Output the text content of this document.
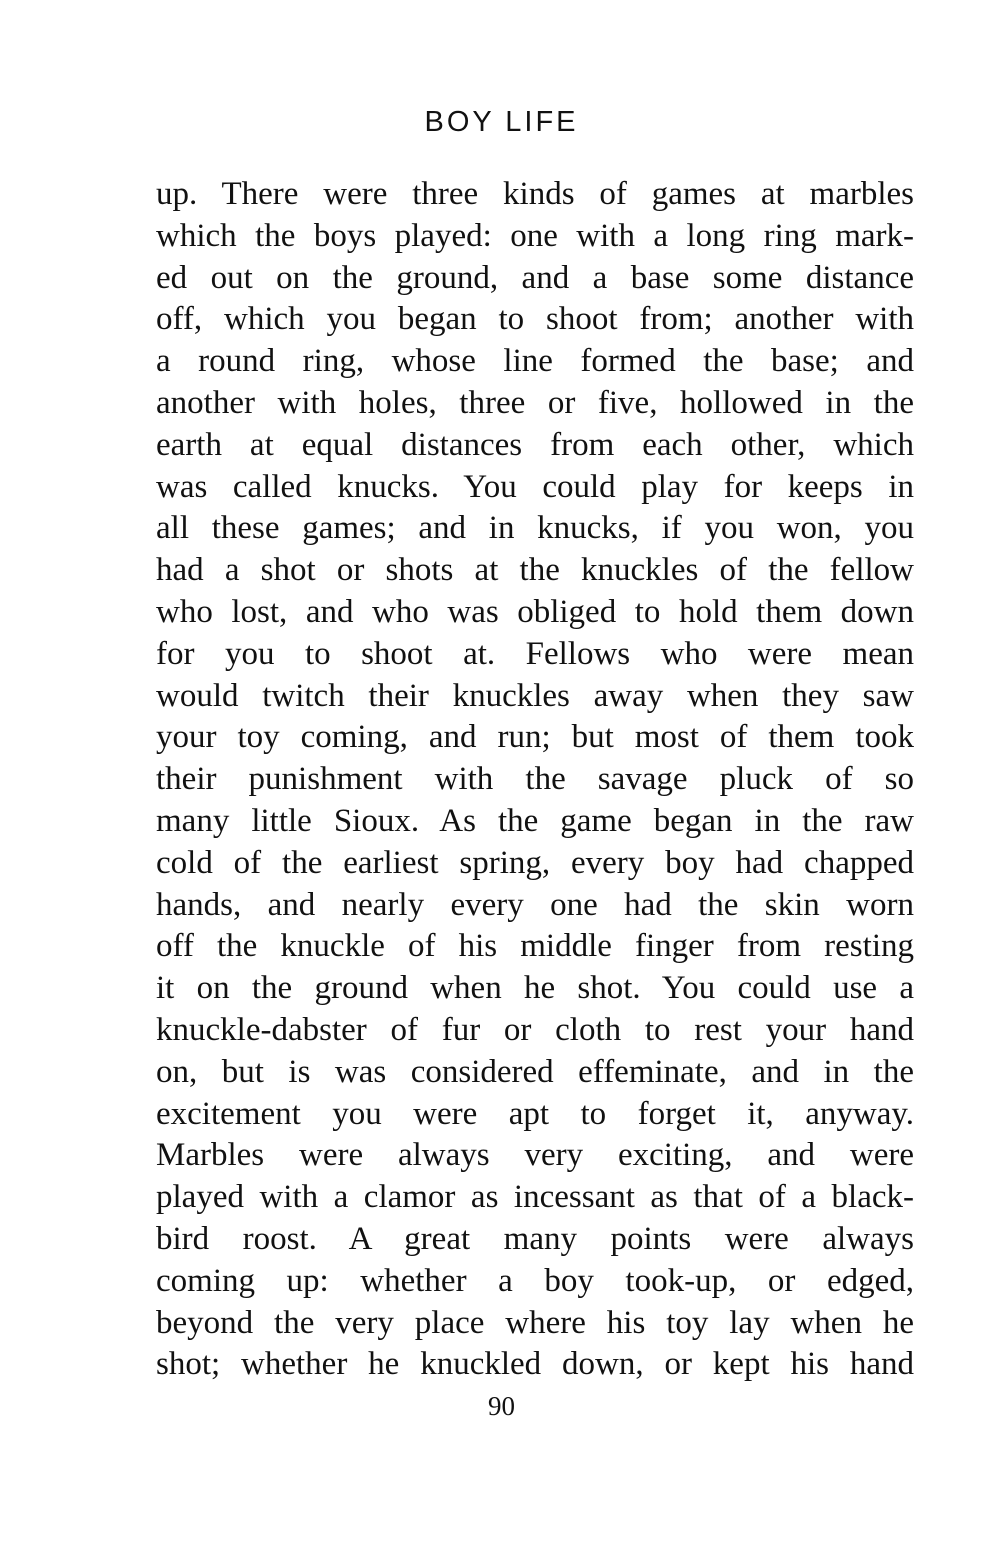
BOY LIFE
up. There were three kinds of games at marbles
which the boys played: one with a long ring mark-
ed out on the ground, and a base some distance
off, which you began to shoot from; another with
a round ring, whose line formed the base; and
another with holes, three or five, hollowed in the
earth at equal distances from each other, which
was called knucks. You could play for keeps in
all these games; and in knucks, if you won, you
had a shot or shots at the knuckles of the fellow
who lost, and who was obliged to hold them down
for you to shoot at. Fellows who were mean
would twitch their knuckles away when they saw
your toy coming, and run; but most of them took
their punishment with the savage pluck of so
many little Sioux. As the game began in the raw
cold of the earliest spring, every boy had chapped
hands, and nearly every one had the skin worn
off the knuckle of his middle finger from resting
it on the ground when he shot. You could use a
knuckle-dabster of fur or cloth to rest your hand
on, but is was considered effeminate, and in the
excitement you were apt to forget it, anyway.
Marbles were always very exciting, and were
played with a clamor as incessant as that of a black-
bird roost. A great many points were always
coming up: whether a boy took-up, or edged,
beyond the very place where his toy lay when he
shot; whether he knuckled down, or kept his hand
90
